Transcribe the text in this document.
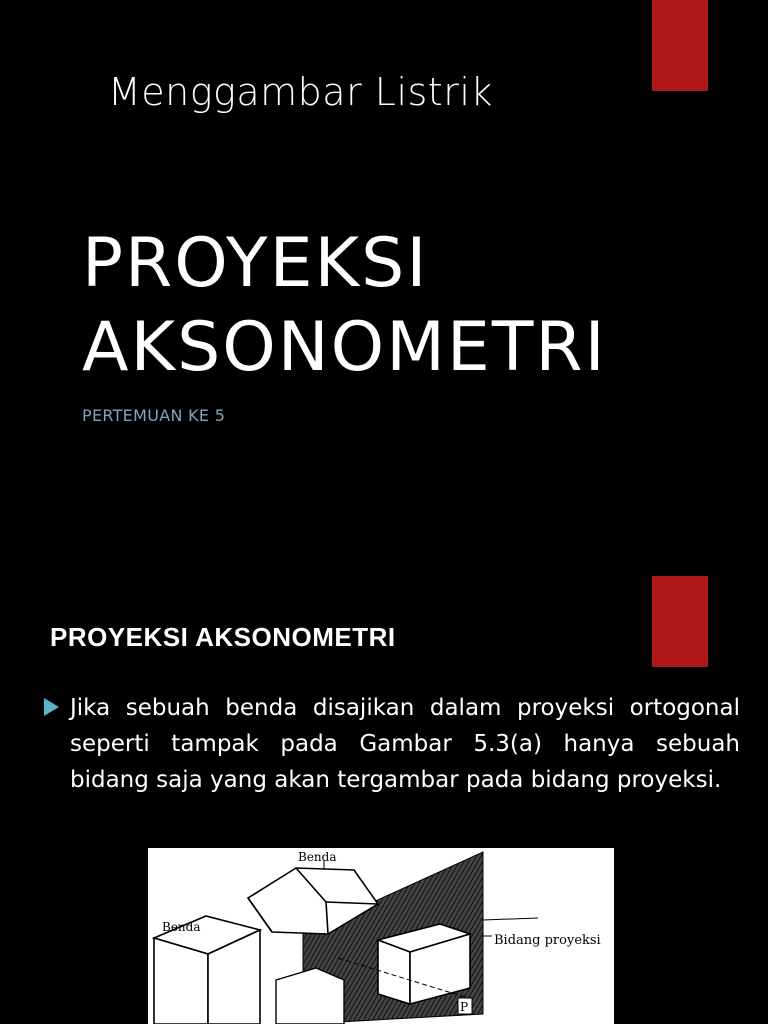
Menggambar Listrik
PROYEKSI
AKSONOMETRI
PERTEMUAN KE 5
PROYEKSI AKSONOMETRI
Jika sebuah benda disajikan dalam proyeksi ortogonal seperti tampak pada Gambar 5.3(a) hanya sebuah bidang saja yang akan tergambar pada bidang proyeksi.
P
Benda
Benda
Bidang proyeksi
